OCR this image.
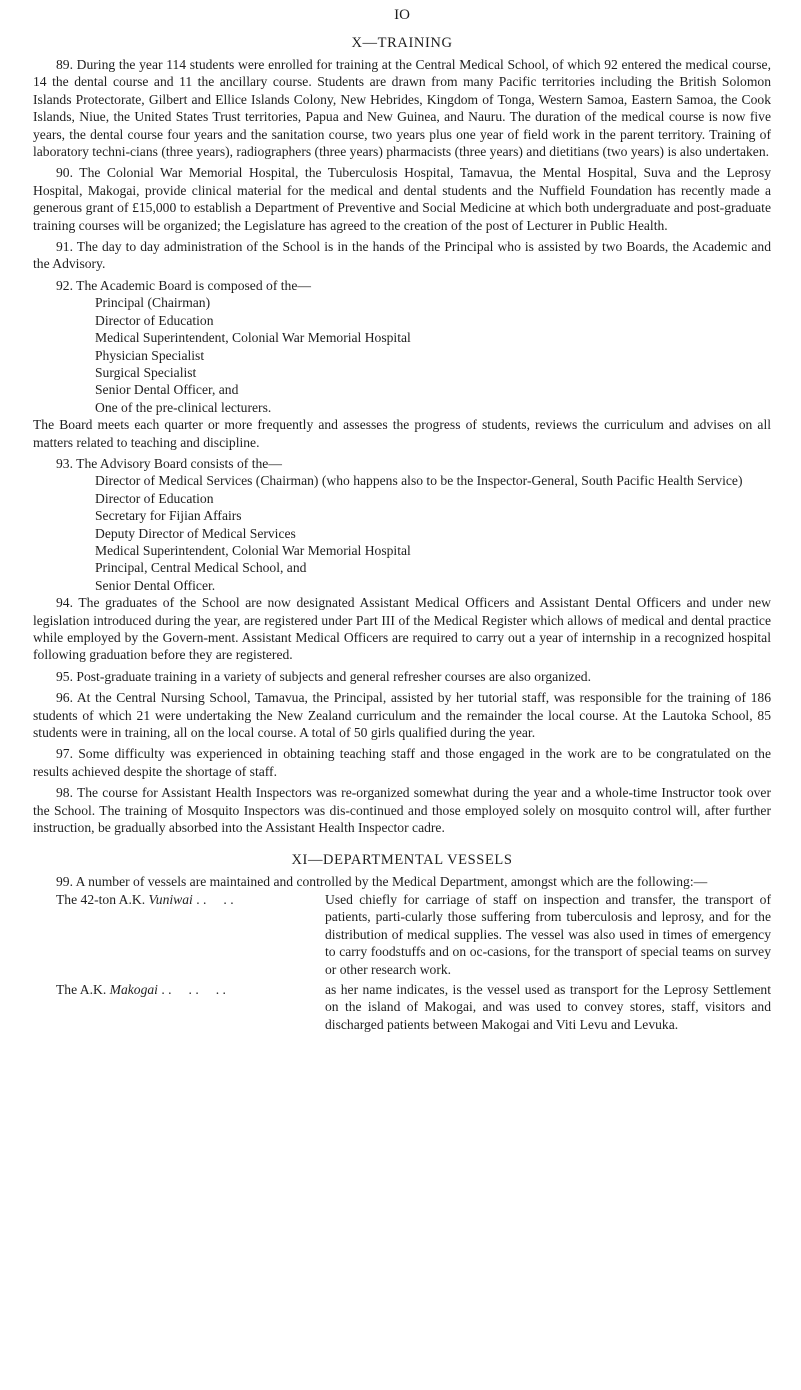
IO
X—TRAINING

89. During the year 114 students were enrolled for training at the Central Medical School, of which 92 entered the medical course, 14 the dental course and 11 the ancillary course. Students are drawn from many Pacific territories including the British Solomon Islands Protectorate, Gilbert and Ellice Islands Colony, New Hebrides, Kingdom of Tonga, Western Samoa, Eastern Samoa, the Cook Islands, Niue, the United States Trust territories, Papua and New Guinea, and Nauru. The duration of the medical course is now five years, the dental course four years and the sanitation course, two years plus one year of field work in the parent territory. Training of laboratory techni-cians (three years), radiographers (three years) pharmacists (three years) and dietitians (two years) is also undertaken.

90. The Colonial War Memorial Hospital, the Tuberculosis Hospital, Tamavua, the Mental Hospital, Suva and the Leprosy Hospital, Makogai, provide clinical material for the medical and dental students and the Nuffield Foundation has recently made a generous grant of £15,000 to establish a Department of Preventive and Social Medicine at which both undergraduate and post-graduate training courses will be organized; the Legislature has agreed to the creation of the post of Lecturer in Public Health.

91. The day to day administration of the School is in the hands of the Principal who is assisted by two Boards, the Academic and the Advisory.

92. The Academic Board is composed of the—

Principal (Chairman)
Director of Education
Medical Superintendent, Colonial War Memorial Hospital
Physician Specialist
Surgical Specialist
Senior Dental Officer, and
One of the pre-clinical lecturers.

The Board meets each quarter or more frequently and assesses the progress of students, reviews the curriculum and advises on all matters related to teaching and discipline.

93. The Advisory Board consists of the—

Director of Medical Services (Chairman) (who happens also to be the Inspector-General, South Pacific Health Service)
Director of Education
Secretary for Fijian Affairs
Deputy Director of Medical Services
Medical Superintendent, Colonial War Memorial Hospital
Principal, Central Medical School, and
Senior Dental Officer.

94. The graduates of the School are now designated Assistant Medical Officers and Assistant Dental Officers and under new legislation introduced during the year, are registered under Part III of the Medical Register which allows of medical and dental practice while employed by the Govern-ment. Assistant Medical Officers are required to carry out a year of internship in a recognized hospital following graduation before they are registered.

95. Post-graduate training in a variety of subjects and general refresher courses are also organized.

96. At the Central Nursing School, Tamavua, the Principal, assisted by her tutorial staff, was responsible for the training of 186 students of which 21 were undertaking the New Zealand curriculum and the remainder the local course. At the Lautoka School, 85 students were in training, all on the local course. A total of 50 girls qualified during the year.

97. Some difficulty was experienced in obtaining teaching staff and those engaged in the work are to be congratulated on the results achieved despite the shortage of staff.

98. The course for Assistant Health Inspectors was re-organized somewhat during the year and a whole-time Instructor took over the School. The training of Mosquito Inspectors was dis-continued and those employed solely on mosquito control will, after further instruction, be gradually absorbed into the Assistant Health Inspector cadre.

XI—DEPARTMENTAL VESSELS

99. A number of vessels are maintained and controlled by the Medical Department, amongst which are the following:—

The 42-ton A.K. Vuniwai . .     . .	Used chiefly for carriage of staff on inspection and transfer, the transport of patients, parti-cularly those suffering from tuberculosis and leprosy, and for the distribution of medical supplies. The vessel was also used in times of emergency to carry foodstuffs and on oc-casions, for the transport of special teams on survey or other research work.
The A.K. Makogai . .     . .     . .	as her name indicates, is the vessel used as transport for the Leprosy Settlement on the island of Makogai, and was used to convey stores, staff, visitors and discharged patients between Makogai and Viti Levu and Levuka.
